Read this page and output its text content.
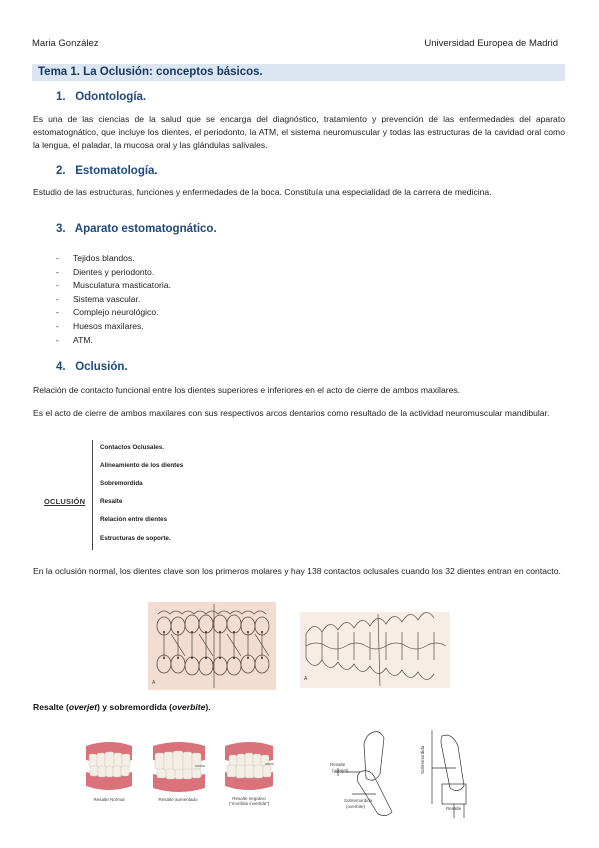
Maria González	Universidad Europea de Madrid
Tema 1. La Oclusión: conceptos básicos.
1. Odontología.
Es una de las ciencias de la salud que se encarga del diagnóstico, tratamiento y prevención de las enfermedades del aparato estomatognático, que incluye los dientes, el periodonto, la ATM, el sistema neuromuscular y todas las estructuras de la cavidad oral como la lengua, el paladar, la mucosa oral y las glándulas salivales.
2. Estomatología.
Estudio de las estructuras, funciones y enfermedades de la boca. Constituía una especialidad de la carrera de medicina.
3. Aparato estomatognático.
- Tejidos blandos.
- Dientes y periodonto.
- Musculatura masticatoria.
- Sistema vascular.
- Complejo neurológico.
- Huesos maxilares.
- ATM.
4. Oclusión.
Relación de contacto funcional entre los dientes superiores e inferiores en el acto de cierre de ambos maxilares.
Es el acto de cierre de ambos maxilares con sus respectivos arcos dentarios como resultado de la actividad neuromuscular mandibular.
OCLUSIÓN
Contactos Oclusales.
Alineamiento de los dientes
Sobremordida
Resalte
Relación entre dientes
Estructuras de soporte.
En la oclusión normal, los dientes clave son los primeros molares y hay 138 contactos oclusales cuando los 32 dientes entran en contacto.
A
A
Resalte (overjet) y sobremordida (overbite).
Resalte Normal	Resalte aumentado	Resalte negativo
("mordida invertida")
Resalte
(overjet)
Sobremordida
(overbite)
Sobremordida
Resalte
